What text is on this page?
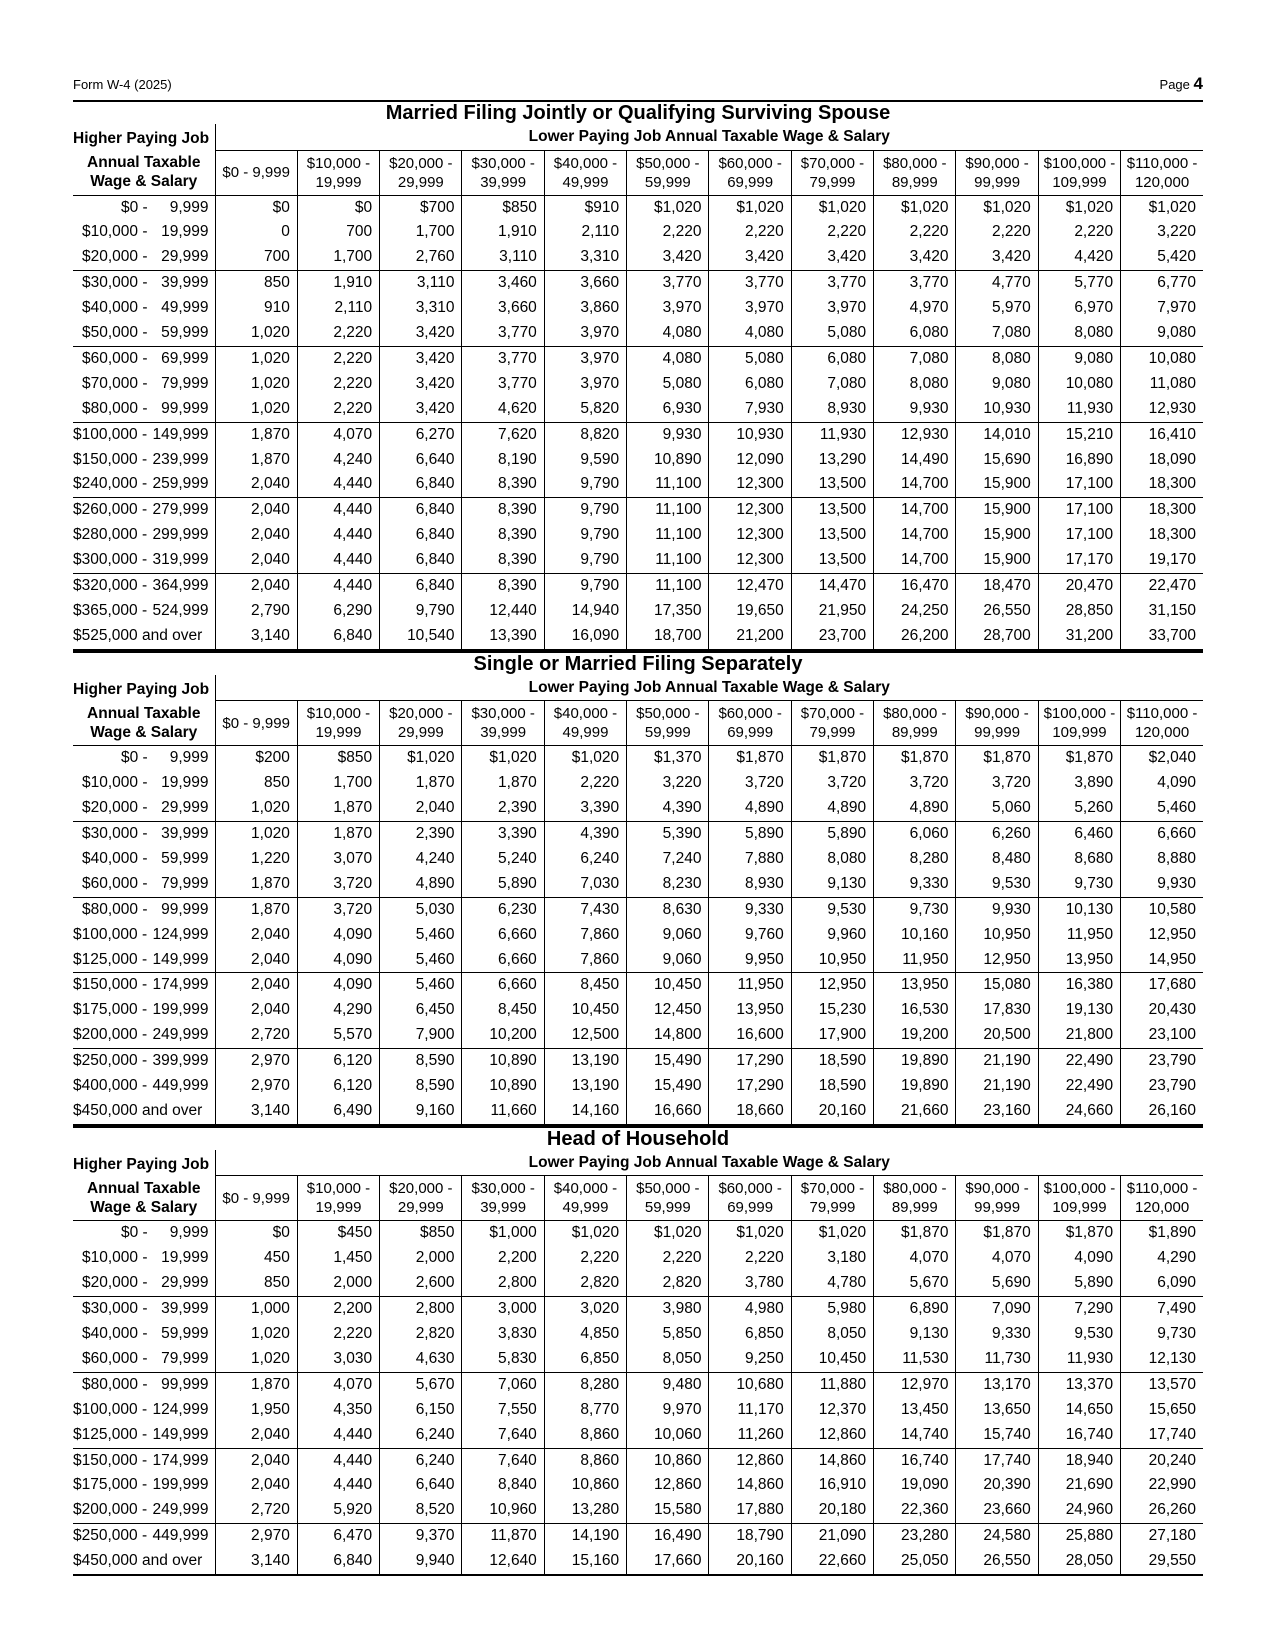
Form W-4 (2025)	Page 4
Married Filing Jointly or Qualifying Surviving Spouse
Higher Paying Job	Lower Paying Job Annual Taxable Wage & Salary											
Annual Taxable Wage & Salary	$0 - 9,999	$10,000 - 19,999	$20,000 - 29,999	$30,000 - 39,999	$40,000 - 49,999	$50,000 - 59,999	$60,000 - 69,999	$70,000 - 79,999	$80,000 - 89,999	$90,000 - 99,999	$100,000 - 109,999	$110,000 - 120,000

$0 - 9,999	$0	$0	$700	$850	$910	$1,020	$1,020	$1,020	$1,020	$1,020	$1,020	$1,020

$10,000 - 19,999	0	700	1,700	1,910	2,110	2,220	2,220	2,220	2,220	2,220	2,220	3,220

$20,000 - 29,999	700	1,700	2,760	3,110	3,310	3,420	3,420	3,420	3,420	3,420	4,420	5,420

$30,000 - 39,999	850	1,910	3,110	3,460	3,660	3,770	3,770	3,770	3,770	4,770	5,770	6,770

$40,000 - 49,999	910	2,110	3,310	3,660	3,860	3,970	3,970	3,970	4,970	5,970	6,970	7,970

$50,000 - 59,999	1,020	2,220	3,420	3,770	3,970	4,080	4,080	5,080	6,080	7,080	8,080	9,080

$60,000 - 69,999	1,020	2,220	3,420	3,770	3,970	4,080	5,080	6,080	7,080	8,080	9,080	10,080

$70,000 - 79,999	1,020	2,220	3,420	3,770	3,970	5,080	6,080	7,080	8,080	9,080	10,080	11,080

$80,000 - 99,999	1,020	2,220	3,420	4,620	5,820	6,930	7,930	8,930	9,930	10,930	11,930	12,930

$100,000 - 149,999	1,870	4,070	6,270	7,620	8,820	9,930	10,930	11,930	12,930	14,010	15,210	16,410

$150,000 - 239,999	1,870	4,240	6,640	8,190	9,590	10,890	12,090	13,290	14,490	15,690	16,890	18,090

$240,000 - 259,999	2,040	4,440	6,840	8,390	9,790	11,100	12,300	13,500	14,700	15,900	17,100	18,300

$260,000 - 279,999	2,040	4,440	6,840	8,390	9,790	11,100	12,300	13,500	14,700	15,900	17,100	18,300

$280,000 - 299,999	2,040	4,440	6,840	8,390	9,790	11,100	12,300	13,500	14,700	15,900	17,100	18,300

$300,000 - 319,999	2,040	4,440	6,840	8,390	9,790	11,100	12,300	13,500	14,700	15,900	17,170	19,170

$320,000 - 364,999	2,040	4,440	6,840	8,390	9,790	11,100	12,470	14,470	16,470	18,470	20,470	22,470

$365,000 - 524,999	2,790	6,290	9,790	12,440	14,940	17,350	19,650	21,950	24,250	26,550	28,850	31,150

$525,000 and over	3,140	6,840	10,540	13,390	16,090	18,700	21,200	23,700	26,200	28,700	31,200	33,700
Single or Married Filing Separately
Higher Paying Job	Lower Paying Job Annual Taxable Wage & Salary											
Annual Taxable Wage & Salary	$0 - 9,999	$10,000 - 19,999	$20,000 - 29,999	$30,000 - 39,999	$40,000 - 49,999	$50,000 - 59,999	$60,000 - 69,999	$70,000 - 79,999	$80,000 - 89,999	$90,000 - 99,999	$100,000 - 109,999	$110,000 - 120,000

$0 - 9,999	$200	$850	$1,020	$1,020	$1,020	$1,370	$1,870	$1,870	$1,870	$1,870	$1,870	$2,040

$10,000 - 19,999	850	1,700	1,870	1,870	2,220	3,220	3,720	3,720	3,720	3,720	3,890	4,090

$20,000 - 29,999	1,020	1,870	2,040	2,390	3,390	4,390	4,890	4,890	4,890	5,060	5,260	5,460

$30,000 - 39,999	1,020	1,870	2,390	3,390	4,390	5,390	5,890	5,890	6,060	6,260	6,460	6,660

$40,000 - 59,999	1,220	3,070	4,240	5,240	6,240	7,240	7,880	8,080	8,280	8,480	8,680	8,880

$60,000 - 79,999	1,870	3,720	4,890	5,890	7,030	8,230	8,930	9,130	9,330	9,530	9,730	9,930

$80,000 - 99,999	1,870	3,720	5,030	6,230	7,430	8,630	9,330	9,530	9,730	9,930	10,130	10,580

$100,000 - 124,999	2,040	4,090	5,460	6,660	7,860	9,060	9,760	9,960	10,160	10,950	11,950	12,950

$125,000 - 149,999	2,040	4,090	5,460	6,660	7,860	9,060	9,950	10,950	11,950	12,950	13,950	14,950

$150,000 - 174,999	2,040	4,090	5,460	6,660	8,450	10,450	11,950	12,950	13,950	15,080	16,380	17,680

$175,000 - 199,999	2,040	4,290	6,450	8,450	10,450	12,450	13,950	15,230	16,530	17,830	19,130	20,430

$200,000 - 249,999	2,720	5,570	7,900	10,200	12,500	14,800	16,600	17,900	19,200	20,500	21,800	23,100

$250,000 - 399,999	2,970	6,120	8,590	10,890	13,190	15,490	17,290	18,590	19,890	21,190	22,490	23,790

$400,000 - 449,999	2,970	6,120	8,590	10,890	13,190	15,490	17,290	18,590	19,890	21,190	22,490	23,790

$450,000 and over	3,140	6,490	9,160	11,660	14,160	16,660	18,660	20,160	21,660	23,160	24,660	26,160
Head of Household
Higher Paying Job	Lower Paying Job Annual Taxable Wage & Salary											
Annual Taxable Wage & Salary	$0 - 9,999	$10,000 - 19,999	$20,000 - 29,999	$30,000 - 39,999	$40,000 - 49,999	$50,000 - 59,999	$60,000 - 69,999	$70,000 - 79,999	$80,000 - 89,999	$90,000 - 99,999	$100,000 - 109,999	$110,000 - 120,000

$0 - 9,999	$0	$450	$850	$1,000	$1,020	$1,020	$1,020	$1,020	$1,870	$1,870	$1,870	$1,890

$10,000 - 19,999	450	1,450	2,000	2,200	2,220	2,220	2,220	3,180	4,070	4,070	4,090	4,290

$20,000 - 29,999	850	2,000	2,600	2,800	2,820	2,820	3,780	4,780	5,670	5,690	5,890	6,090

$30,000 - 39,999	1,000	2,200	2,800	3,000	3,020	3,980	4,980	5,980	6,890	7,090	7,290	7,490

$40,000 - 59,999	1,020	2,220	2,820	3,830	4,850	5,850	6,850	8,050	9,130	9,330	9,530	9,730

$60,000 - 79,999	1,020	3,030	4,630	5,830	6,850	8,050	9,250	10,450	11,530	11,730	11,930	12,130

$80,000 - 99,999	1,870	4,070	5,670	7,060	8,280	9,480	10,680	11,880	12,970	13,170	13,370	13,570

$100,000 - 124,999	1,950	4,350	6,150	7,550	8,770	9,970	11,170	12,370	13,450	13,650	14,650	15,650

$125,000 - 149,999	2,040	4,440	6,240	7,640	8,860	10,060	11,260	12,860	14,740	15,740	16,740	17,740

$150,000 - 174,999	2,040	4,440	6,240	7,640	8,860	10,860	12,860	14,860	16,740	17,740	18,940	20,240

$175,000 - 199,999	2,040	4,440	6,640	8,840	10,860	12,860	14,860	16,910	19,090	20,390	21,690	22,990

$200,000 - 249,999	2,720	5,920	8,520	10,960	13,280	15,580	17,880	20,180	22,360	23,660	24,960	26,260

$250,000 - 449,999	2,970	6,470	9,370	11,870	14,190	16,490	18,790	21,090	23,280	24,580	25,880	27,180

$450,000 and over	3,140	6,840	9,940	12,640	15,160	17,660	20,160	22,660	25,050	26,550	28,050	29,550
